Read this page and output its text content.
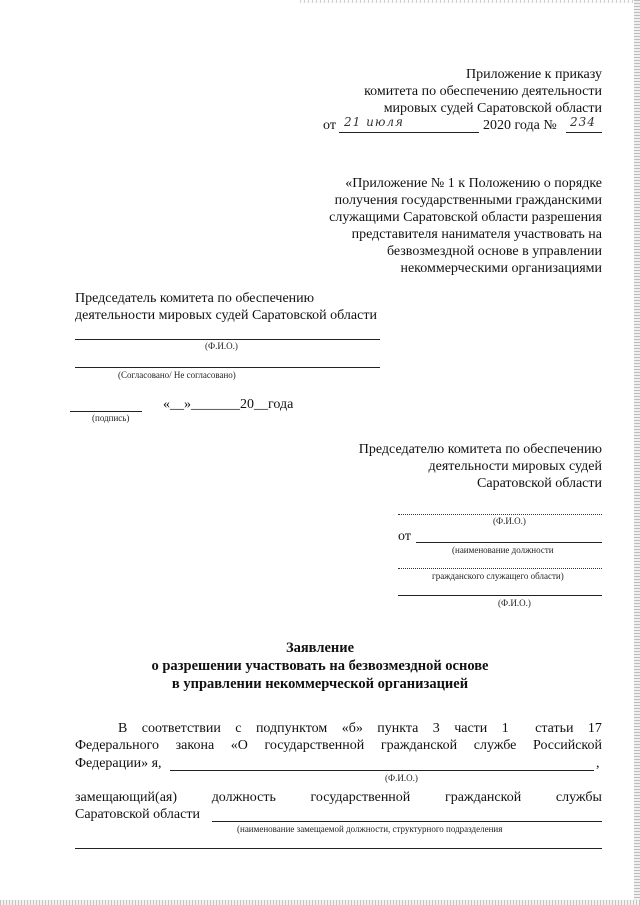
Приложение к приказу
комитета по обеспечению деятельности
мировых судей Саратовской области
от 21 июля	2020 года № 234
«Приложение № 1 к Положению о порядке
получения государственными гражданскими
служащими Саратовской области разрешения
представителя нанимателя участвовать на
безвозмездной основе в управлении
некоммерческими организациями
Председатель комитета по обеспечению
деятельности мировых судей Саратовской области
(Ф.И.О.)
(Согласовано/ Не согласовано)
«__»_______20__года
(подпись)
Председателю комитета по обеспечению
деятельности мировых судей
Саратовской области
(Ф.И.О.)
от
(наименование должности
гражданского служащего области)
(Ф.И.О.)
Заявление
о разрешении участвовать на безвозмездной основе
в управлении некоммерческой организацией
В соответствии с подпунктом «б» пункта 3 части 1	статьи 17
Федерального закона «О государственной гражданской службе Российской
Федерации» я,	,
(Ф.И.О.)
замещающий(ая) должность государственной гражданской службы
Саратовской области
(наименование замещаемой должности, структурного подразделения
